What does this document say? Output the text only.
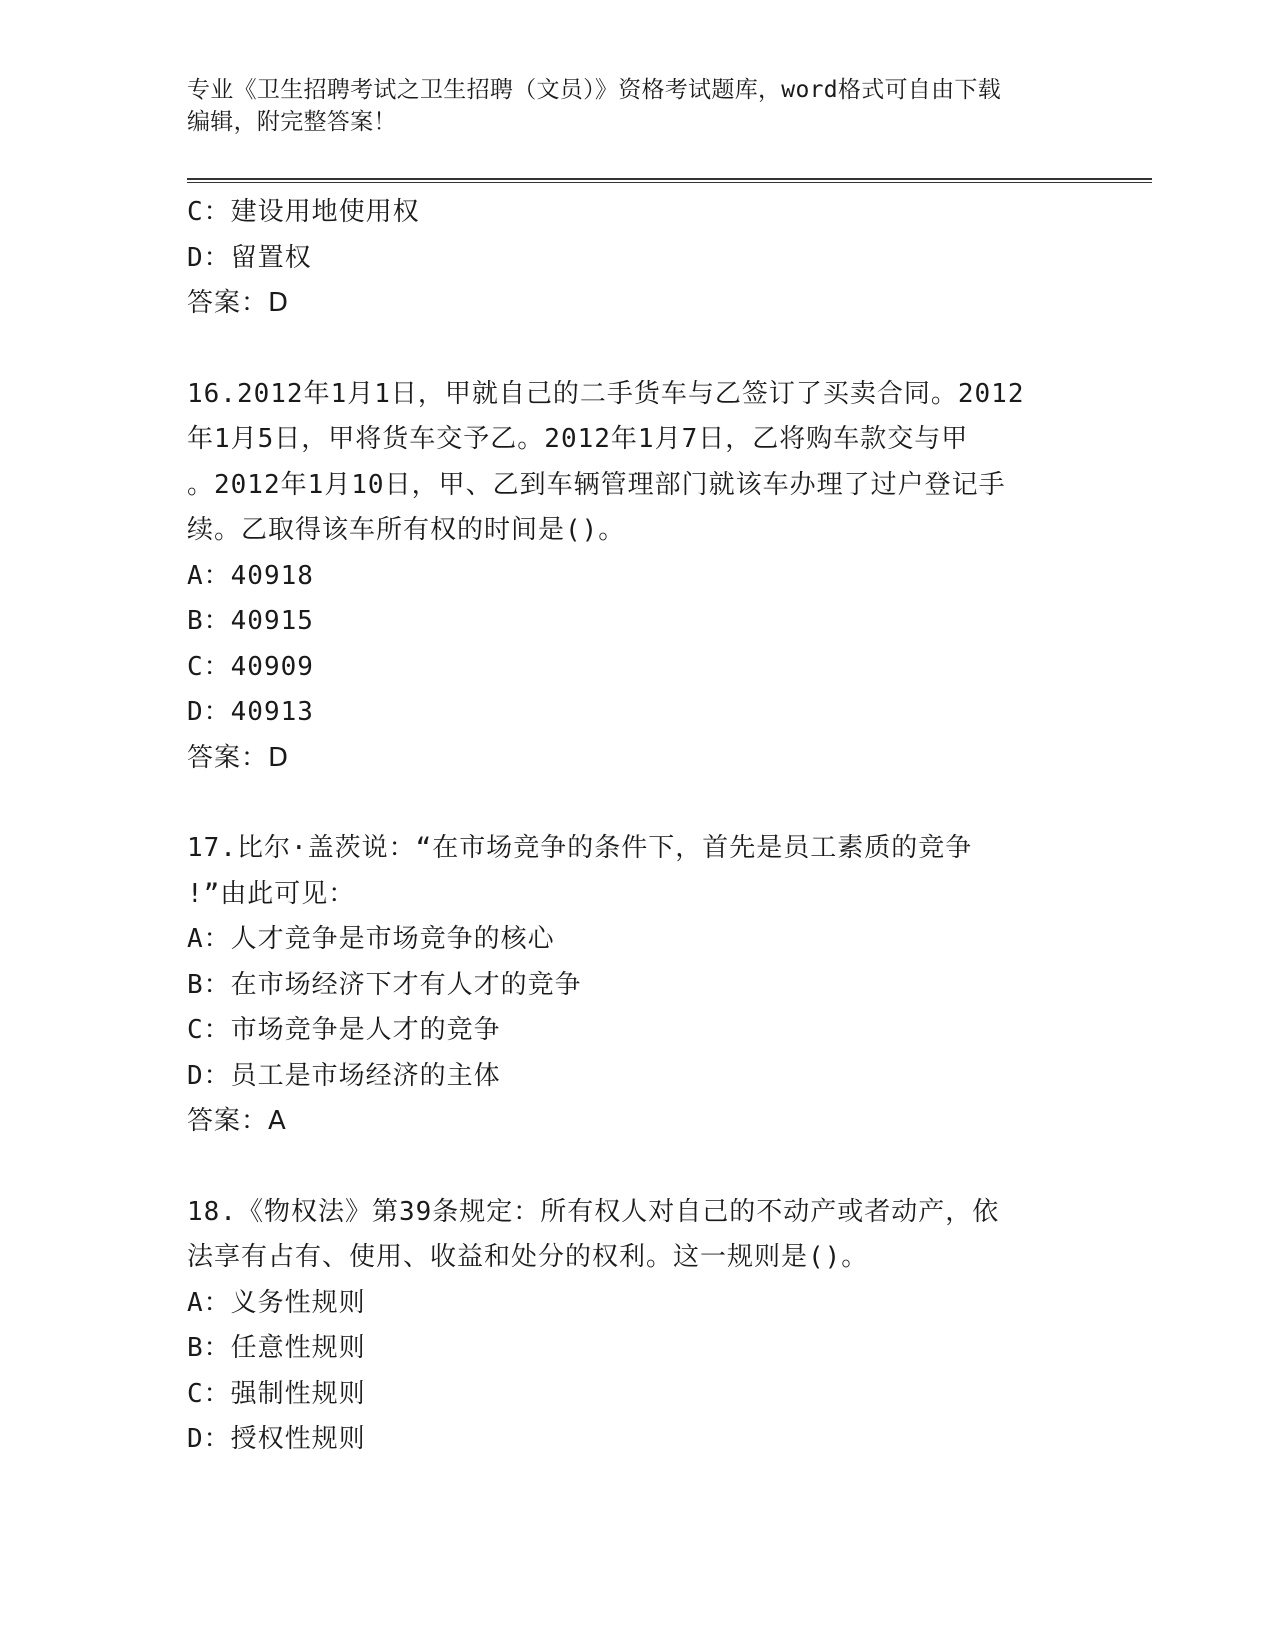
专业《卫生招聘考试之卫生招聘（文员）》资格考试题库，word格式可自由下载
编辑，附完整答案！
C：建设用地使用权
D：留置权
答案：D
16.2012年1月1日，甲就自己的二手货车与乙签订了买卖合同。2012
年1月5日，甲将货车交予乙。2012年1月7日，乙将购车款交与甲
。2012年1月10日，甲、乙到车辆管理部门就该车办理了过户登记手
续。乙取得该车所有权的时间是()。
A：40918
B：40915
C：40909
D：40913
答案：D
17.比尔·盖茨说：“在市场竞争的条件下，首先是员工素质的竞争
!”由此可见：
A：人才竞争是市场竞争的核心
B：在市场经济下才有人才的竞争
C：市场竞争是人才的竞争
D：员工是市场经济的主体
答案：A
18.《物权法》第39条规定：所有权人对自己的不动产或者动产，依
法享有占有、使用、收益和处分的权利。这一规则是()。
A：义务性规则
B：任意性规则
C：强制性规则
D：授权性规则
